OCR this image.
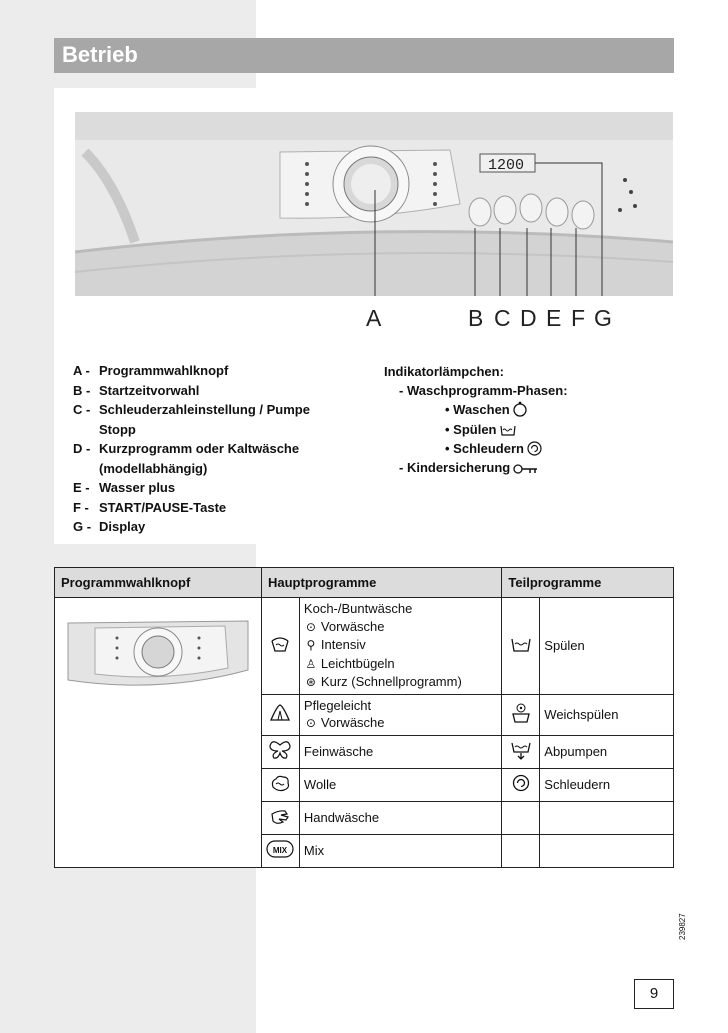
Betrieb
1200
A	B C D E F G
A - Programmwahlknopf
B - Startzeitvorwahl
C - Schleuderzahleinstellung / Pumpe
Stopp
D - Kurzprogramm oder Kaltwäsche
(modellabhängig)
E - Wasser plus
F - START/PAUSE-Taste
G - Display
Indikatorlämpchen:
- Waschprogramm-Phasen:
• Waschen
• Spülen
• Schleudern
- Kindersicherung
Programmwahlknopf	Hauptprogramme		Teilprogramme	

Koch-/Buntwäsche
⊙ Vorwäsche
⚲ Intensiv
♙ Leichtbügeln
⊛ Kurz (Schnellprogramm)		Spülen

Pflegeleicht
⊙ Vorwäsche		Weichspülen
	Feinwäsche		Abpumpen
	Wolle		Schleudern
	Handwäsche		

MIX	Mix		
239827
9
